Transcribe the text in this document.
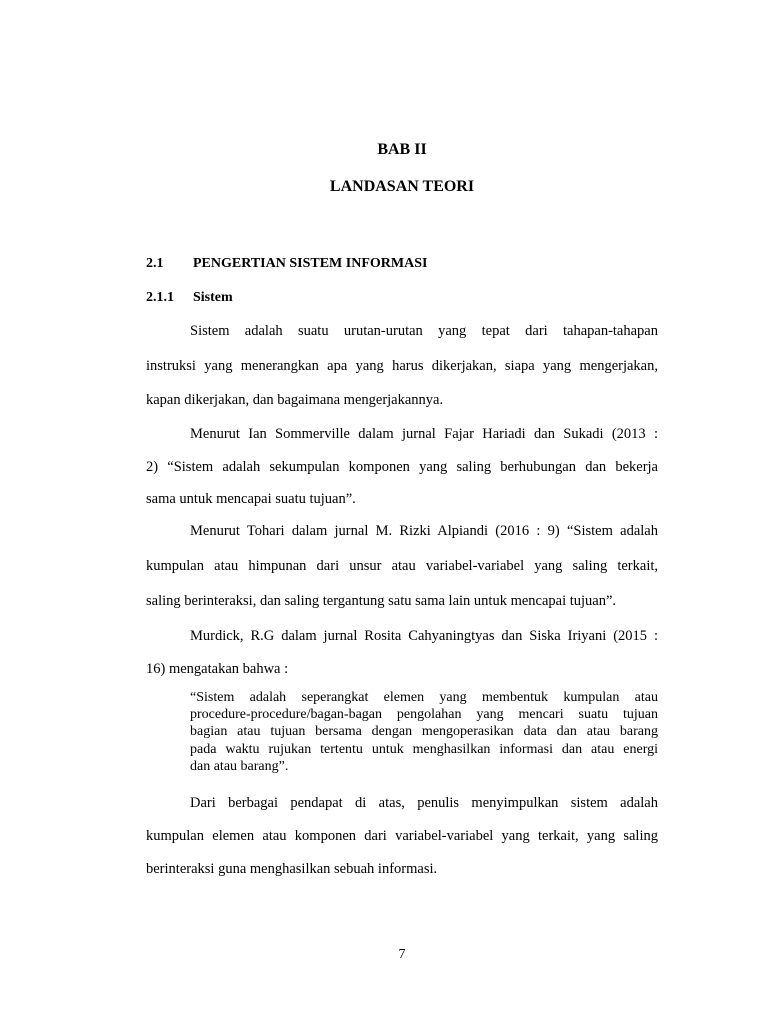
BAB II
LANDASAN TEORI
2.1 PENGERTIAN SISTEM INFORMASI
2.1.1 Sistem

Sistem adalah suatu urutan-urutan yang tepat dari tahapan-tahapan

instruksi yang menerangkan apa yang harus dikerjakan, siapa yang mengerjakan,

kapan dikerjakan, dan bagaimana mengerjakannya.

Menurut Ian Sommerville dalam jurnal Fajar Hariadi dan Sukadi (2013 :

2) “Sistem adalah sekumpulan komponen yang saling berhubungan dan bekerja

sama untuk mencapai suatu tujuan”.

Menurut Tohari dalam jurnal M. Rizki Alpiandi (2016 : 9) “Sistem adalah

kumpulan atau himpunan dari unsur atau variabel-variabel yang saling terkait,

saling berinteraksi, dan saling tergantung satu sama lain untuk mencapai tujuan”.

Murdick, R.G dalam jurnal Rosita Cahyaningtyas dan Siska Iriyani (2015 :

16) mengatakan bahwa :

“Sistem adalah seperangkat elemen yang membentuk kumpulan atau
procedure-procedure/bagan-bagan pengolahan yang mencari suatu tujuan
bagian atau tujuan bersama dengan mengoperasikan data dan atau barang
pada waktu rujukan tertentu untuk menghasilkan informasi dan atau energi
dan atau barang”.

Dari berbagai pendapat di atas, penulis menyimpulkan sistem adalah

kumpulan elemen atau komponen dari variabel-variabel yang terkait, yang saling

berinteraksi guna menghasilkan sebuah informasi.

7
